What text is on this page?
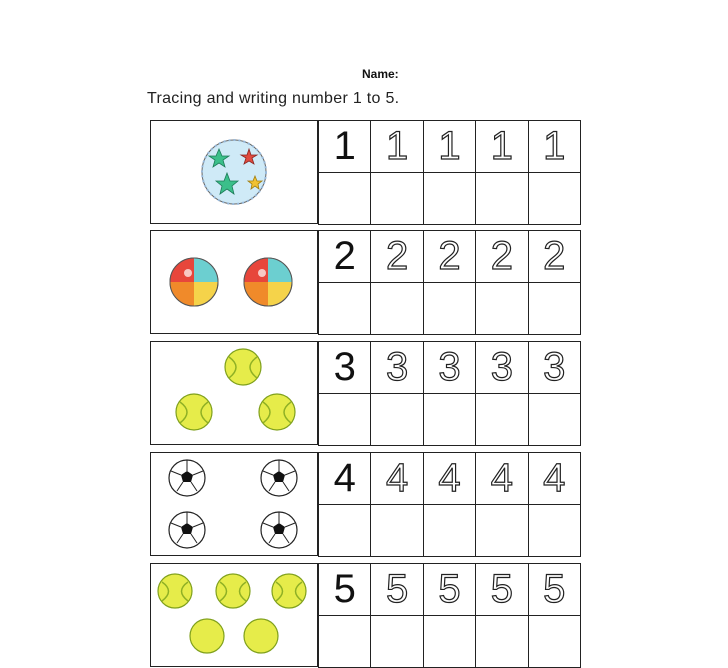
Name:
Tracing and writing number 1 to 5.
1 1 1 1 1
2 2 2 2 2
3 3 3 3 3
4 4 4 4 4
5 5 5 5 5
